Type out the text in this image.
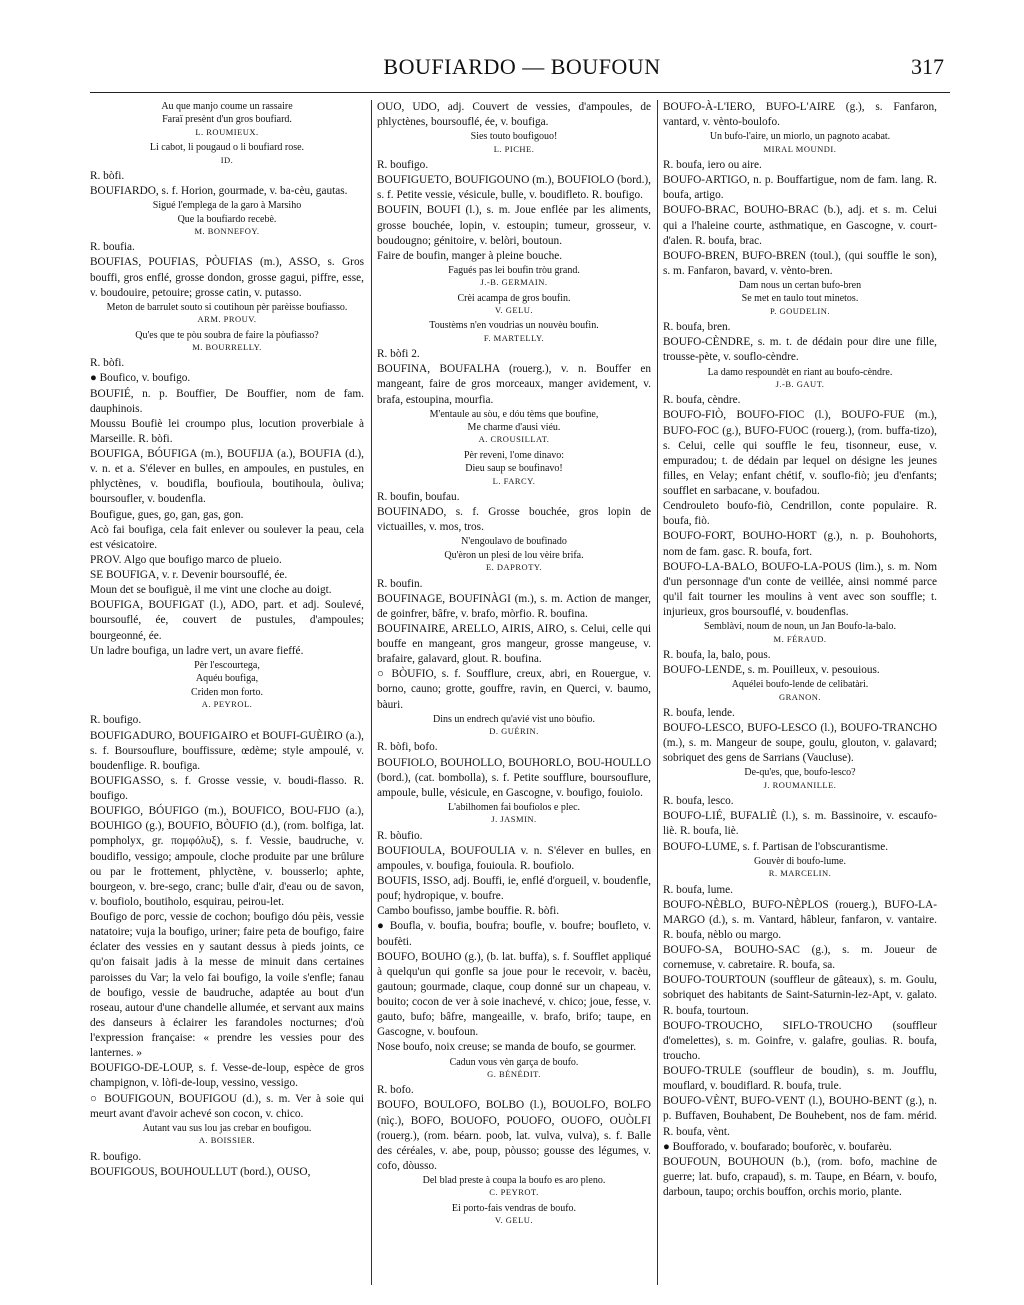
BOUFIARDO — BOUFOUN	317

Au que manjo coume un rassaire

Faraï presènt d'un gros boufiard.

L. ROUMIEUX.

Li cabot, li pougaud o li boufiard rose.

ID.

R. bòfi.

BOUFIARDO, s. f. Horion, gourmade, v. ba-cèu, gautas.

Sigué l'emplega de la garo à Marsiho

Que la boufiardo recebè.

M. BONNEFOY.

R. boufia.

BOUFIAS, POUFIAS, PÒUFIAS (m.), ASSO, s. Gros bouffi, gros enflé, grosse dondon, grosse gagui, piffre, esse, v. boudouire, petouire; grosse catin, v. putasso.

Meton de barrulet souto si coutihoun pèr parèisse boufiasso.

ARM. PROUV.

Qu'es que te pòu soubra de faire la pòufiasso?

M. BOURRELLY.

R. bòfi.

● Boufico, v. boufigo.

BOUFIÉ, n. p. Bouffier, De Bouffier, nom de fam. dauphinois.

Moussu Boufiè lei croumpo plus, locution proverbiale à Marseille. R. bòfi.

BOUFIGA, BÓUFIGA (m.), BOUFIJA (a.), BOUFIA (d.), v. n. et a. S'élever en bulles, en ampoules, en pustules, en phlyctènes, v. boudifla, boufioula, boutihoula, òuliva; boursoufler, v. boudenfla.

Boufigue, gues, go, gan, gas, gon.

Acò fai boufiga, cela fait enlever ou soulever la peau, cela est vésicatoire.

PROV. Algo que boufigo marco de plueio.

SE BOUFIGA, v. r. Devenir boursouflé, ée.

Moun det se boufiguè, il me vint une cloche au doigt.

BOUFIGA, BOUFIGAT (l.), ADO, part. et adj. Soulevé, boursouflé, ée, couvert de pustules, d'ampoules; bourgeonné, ée.

Un ladre boufiga, un ladre vert, un avare fieffé.

Pèr l'escourtega,

Aquéu boufiga,

Criden mon forto.

A. PEYROL.

R. boufigo.

BOUFIGADURO, BOUFIGAIRO et BOUFI-GUÈIRO (a.), s. f. Boursouflure, bouffissure, œdème; style ampoulé, v. boudenflige. R. boufiga.

BOUFIGASSO, s. f. Grosse vessie, v. boudi-flasso. R. boufigo.

BOUFIGO, BÓUFIGO (m.), BOUFICO, BOU-FIJO (a.), BOUHIGO (g.), BOUFIO, BÒUFIO (d.), (rom. bolfiga, lat. pompholyx, gr. πομφόλυξ), s. f. Vessie, baudruche, v. boudiflo, vessigo; ampoule, cloche produite par une brûlure ou par le frottement, phlyctène, v. bousserlo; aphte, bourgeon, v. bre-sego, cranc; bulle d'air, d'eau ou de savon, v. boufiolo, boutiholo, esquirau, peirou-let.

Boufigo de porc, vessie de cochon; boufigo dóu pèis, vessie natatoire; vuja la boufigo, uriner; faire peta de boufigo, faire éclater des vessies en y sautant dessus à pieds joints, ce qu'on faisait jadis à la messe de minuit dans certaines paroisses du Var; la velo fai boufigo, la voile s'enfle; fanau de boufigo, vessie de baudruche, adaptée au bout d'un roseau, autour d'une chandelle allumée, et servant aux mains des danseurs à éclairer les farandoles nocturnes; d'où l'expression française: « prendre les vessies pour des lanternes. »

BOUFIGO-DE-LOUP, s. f. Vesse-de-loup, espèce de gros champignon, v. lòfi-de-loup, vessino, vessigo.

○ BOUFIGOUN, BOUFIGOU (d.), s. m. Ver à soie qui meurt avant d'avoir achevé son cocon, v. chico.

Autant vau sus lou jas crebar en boufigou.

A. BOISSIER.

R. boufigo.

BOUFIGOUS, BOUHOULLUT (bord.), OUSO,

OUO, UDO, adj. Couvert de vessies, d'ampoules, de phlyctènes, boursouflé, ée, v. boufiga.

Sies touto boufigouo!

L. PICHE.

R. boufigo.

BOUFIGUETO, BOUFIGOUNO (m.), BOUFIOLO (bord.), s. f. Petite vessie, vésicule, bulle, v. boudifleto. R. boufigo.

BOUFIN, BOUFI (l.), s. m. Joue enflée par les aliments, grosse bouchée, lopin, v. estoupin; tumeur, grosseur, v. boudougno; génitoire, v. belòri, boutoun.

Faire de boufin, manger à pleine bouche.

Fagués pas lei boufin tròu grand.

J.-B. GERMAIN.

Crèi acampa de gros boufin.

V. GELU.

Toustèms n'en voudrias un nouvèu boufin.

F. MARTELLY.

R. bòfi 2.

BOUFINA, BOUFALHA (rouerg.), v. n. Bouffer en mangeant, faire de gros morceaux, manger avidement, v. brafa, estoupina, mourfia.

M'entaule au sòu, e dóu tèms que boufine,

Me charme d'ausi viéu.

A. CROUSILLAT.

Pèr reveni, l'ome dinavo:

Dieu saup se boufinavo!

L. FARCY.

R. boufin, boufau.

BOUFINADO, s. f. Grosse bouchée, gros lopin de victuailles, v. mos, tros.

N'engoulavo de boufinado

Qu'èron un plesi de lou vèire brifa.

E. DAPROTY.

R. boufin.

BOUFINAGE, BOUFINÀGI (m.), s. m. Action de manger, de goinfrer, bâfre, v. brafo, mòrfio. R. boufina.

BOUFINAIRE, ARELLO, AIRIS, AIRO, s. Celui, celle qui bouffe en mangeant, gros mangeur, grosse mangeuse, v. brafaire, galavard, glout. R. boufina.

○ BÒUFIO, s. f. Soufflure, creux, abri, en Rouergue, v. borno, cauno; grotte, gouffre, ravin, en Querci, v. baumo, bàuri.

Dins un endrech qu'avié vist uno bòufio.

D. GUÉRIN.

R. bòfi, bofo.

BOUFIOLO, BOUHOLLO, BOUHORLO, BOU-HOULLO (bord.), (cat. bombolla), s. f. Petite soufflure, boursouflure, ampoule, bulle, vésicule, en Gascogne, v. boufigo, fouiolo.

L'abilhomen fai boufiolos e plec.

J. JASMIN.

R. bòufio.

BOUFIOULA, BOUFOULIA v. n. S'élever en bulles, en ampoules, v. boufiga, fouioula. R. boufiolo.

BOUFIS, ISSO, adj. Bouffi, ie, enflé d'orgueil, v. boudenfle, pouf; hydropique, v. boufre.

Cambo boufisso, jambe bouffie. R. bòfi.

● Boufla, v. boufia, boufra; boufle, v. boufre; boufleto, v. boufèti.

BOUFO, BOUHO (g.), (b. lat. buffa), s. f. Soufflet appliqué à quelqu'un qui gonfle sa joue pour le recevoir, v. bacèu, gautoun; gourmade, claque, coup donné sur un chapeau, v. bouito; cocon de ver à soie inachevé, v. chico; joue, fesse, v. gauto, bufo; bâfre, mangeaille, v. brafo, brifo; taupe, en Gascogne, v. boufoun.

Nose boufo, noix creuse; se manda de boufo, se gourmer.

Cadun vous vèn garça de boufo.

G. BÉNÉDIT.

R. bofo.

BOUFO, BOULOFO, BOLBO (l.), BOUOLFO, BOLFO (nìç.), BOFO, BOUOFO, POUOFO, OUOFO, OUÒLFI (rouerg.), (rom. béarn. poob, lat. vulva, vulva), s. f. Balle des céréales, v. abe, poup, pòusso; gousse des légumes, v. cofo, dòusso.

Del blad preste à coupa la boufo es aro pleno.

C. PEYROT.

Ei porto-fais vendras de boufo.

V. GELU.

BOUFO-À-L'IERO, BUFO-L'AIRE (g.), s. Fanfaron, vantard, v. vènto-boulofo.

Un bufo-l'aire, un miorlo, un pagnoto acabat.

MIRAL MOUNDI.

R. boufa, iero ou aire.

BOUFO-ARTIGO, n. p. Bouffartigue, nom de fam. lang. R. boufa, artigo.

BOUFO-BRAC, BOUHO-BRAC (b.), adj. et s. m. Celui qui a l'haleine courte, asthmatique, en Gascogne, v. court-d'alen. R. boufa, brac.

BOUFO-BREN, BUFO-BREN (toul.), (qui souffle le son), s. m. Fanfaron, bavard, v. vènto-bren.

Dam nous un certan bufo-bren

Se met en taulo tout minetos.

P. GOUDELIN.

R. boufa, bren.

BOUFO-CÈNDRE, s. m. t. de dédain pour dire une fille, trousse-pète, v. souflo-cèndre.

La damo respoundèt en riant au boufo-cèndre.

J.-B. GAUT.

R. boufa, cèndre.

BOUFO-FIÒ, BOUFO-FIOC (l.), BOUFO-FUE (m.), BUFO-FOC (g.), BUFO-FUOC (rouerg.), (rom. buffa-tizo), s. Celui, celle qui souffle le feu, tisonneur, euse, v. empuradou; t. de dédain par lequel on désigne les jeunes filles, en Velay; enfant chétif, v. souflo-fiò; jeu d'enfants; soufflet en sarbacane, v. boufadou.

Cendrouleto boufo-fiò, Cendrillon, conte populaire. R. boufa, fiò.

BOUFO-FORT, BOUHO-HORT (g.), n. p. Bouhohorts, nom de fam. gasc. R. boufa, fort.

BOUFO-LA-BALO, BOUFO-LA-POUS (lim.), s. m. Nom d'un personnage d'un conte de veillée, ainsi nommé parce qu'il fait tourner les moulins à vent avec son souffle; t. injurieux, gros boursouflé, v. boudenflas.

Semblàvi, noum de noun, un Jan Boufo-la-balo.

M. FÉRAUD.

R. boufa, la, balo, pous.

BOUFO-LENDE, s. m. Pouilleux, v. pesouious.

Aquélei boufo-lende de celibatàri.

GRANON.

R. boufa, lende.

BOUFO-LESCO, BUFO-LESCO (l.), BOUFO-TRANCHO (m.), s. m. Mangeur de soupe, goulu, glouton, v. galavard; sobriquet des gens de Sarrians (Vaucluse).

De-qu'es, que, boufo-lesco?

J. ROUMANILLE.

R. boufa, lesco.

BOUFO-LIÉ, BUFALIÈ (l.), s. m. Bassinoire, v. escaufo-liè. R. boufa, liè.

BOUFO-LUME, s. f. Partisan de l'obscurantisme.

Gouvèr di boufo-lume.

R. MARCELIN.

R. boufa, lume.

BOUFO-NÈBLO, BUFO-NÈPLOS (rouerg.), BUFO-LA-MARGO (d.), s. m. Vantard, hâbleur, fanfaron, v. vantaire. R. boufa, nèblo ou margo.

BOUFO-SA, BOUHO-SAC (g.), s. m. Joueur de cornemuse, v. cabretaire. R. boufa, sa.

BOUFO-TOURTOUN (souffleur de gâteaux), s. m. Goulu, sobriquet des habitants de Saint-Saturnin-lez-Apt, v. galato. R. boufa, tourtoun.

BOUFO-TROUCHO, SIFLO-TROUCHO (souffleur d'omelettes), s. m. Goinfre, v. galafre, goulias. R. boufa, troucho.

BOUFO-TRULE (souffleur de boudin), s. m. Joufflu, mouflard, v. boudiflard. R. boufa, trule.

BOUFO-VÈNT, BUFO-VENT (l.), BOUHO-BENT (g.), n. p. Buffaven, Bouhabent, De Bouhebent, nos de fam. mérid. R. boufa, vènt.

● Boufforado, v. boufarado; bouforèc, v. boufarèu.

BOUFOUN, BOUHOUN (b.), (rom. bofo, machine de guerre; lat. bufo, crapaud), s. m. Taupe, en Béarn, v. boufo, darboun, taupo; orchis bouffon, orchis morio, plante.
